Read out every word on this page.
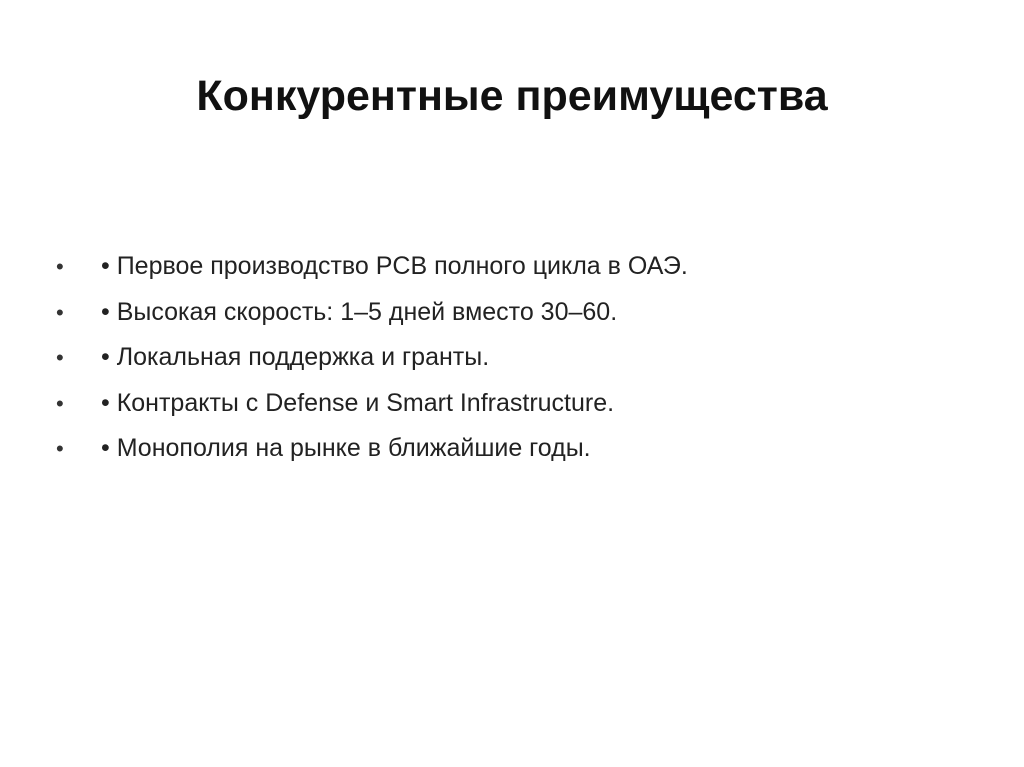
Конкурентные преимущества
•	• Первое производство PCB полного цикла в ОАЭ.
•	• Высокая скорость: 1–5 дней вместо 30–60.
•	• Локальная поддержка и гранты.
•	• Контракты с Defense и Smart Infrastructure.
•	• Монополия на рынке в ближайшие годы.
